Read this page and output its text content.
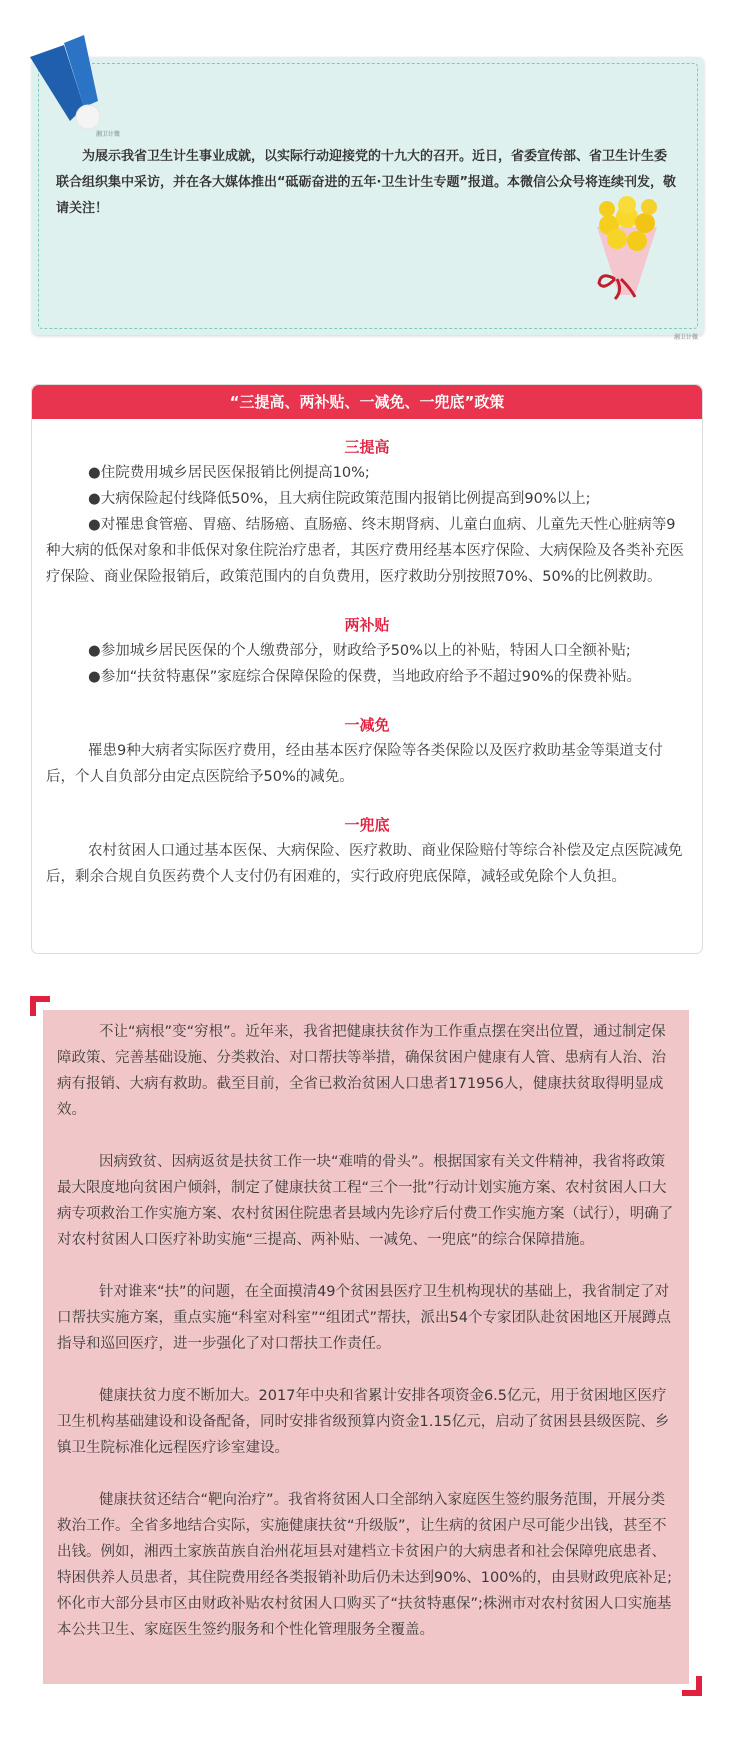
湘卫计微

为展示我省卫生计生事业成就，以实际行动迎接党的十九大的召开。近日，省委宣传部、省卫生计生委联合组织集中采访，并在各大媒体推出“砥砺奋进的五年·卫生计生专题”报道。本微信公众号将连续刊发，敬请关注！

湘卫计微
“三提高、两补贴、一减免、一兜底”政策

三提高

●住院费用城乡居民医保报销比例提高10%;

●大病保险起付线降低50%，且大病住院政策范围内报销比例提高到90%以上;

●对罹患食管癌、胃癌、结肠癌、直肠癌、终末期肾病、儿童白血病、儿童先天性心脏病等9种大病的低保对象和非低保对象住院治疗患者，其医疗费用经基本医疗保险、大病保险及各类补充医疗保险、商业保险报销后，政策范围内的自负费用，医疗救助分别按照70%、50%的比例救助。

两补贴

●参加城乡居民医保的个人缴费部分，财政给予50%以上的补贴，特困人口全额补贴;

●参加“扶贫特惠保”家庭综合保障保险的保费，当地政府给予不超过90%的保费补贴。

一减免

罹患9种大病者实际医疗费用，经由基本医疗保险等各类保险以及医疗救助基金等渠道支付后，个人自负部分由定点医院给予50%的减免。

一兜底

农村贫困人口通过基本医保、大病保险、医疗救助、商业保险赔付等综合补偿及定点医院减免后，剩余合规自负医药费个人支付仍有困难的，实行政府兜底保障，减轻或免除个人负担。

不让“病根”变“穷根”。近年来，我省把健康扶贫作为工作重点摆在突出位置，通过制定保障政策、完善基础设施、分类救治、对口帮扶等举措，确保贫困户健康有人管、患病有人治、治病有报销、大病有救助。截至目前，全省已救治贫困人口患者171956人，健康扶贫取得明显成效。

因病致贫、因病返贫是扶贫工作一块“难啃的骨头”。根据国家有关文件精神，我省将政策最大限度地向贫困户倾斜，制定了健康扶贫工程“三个一批”行动计划实施方案、农村贫困人口大病专项救治工作实施方案、农村贫困住院患者县域内先诊疗后付费工作实施方案（试行），明确了对农村贫困人口医疗补助实施“三提高、两补贴、一减免、一兜底”的综合保障措施。

针对谁来“扶”的问题，在全面摸清49个贫困县医疗卫生机构现状的基础上，我省制定了对口帮扶实施方案，重点实施“科室对科室”“组团式”帮扶，派出54个专家团队赴贫困地区开展蹲点指导和巡回医疗，进一步强化了对口帮扶工作责任。

健康扶贫力度不断加大。2017年中央和省累计安排各项资金6.5亿元，用于贫困地区医疗卫生机构基础建设和设备配备，同时安排省级预算内资金1.15亿元，启动了贫困县县级医院、乡镇卫生院标准化远程医疗诊室建设。

健康扶贫还结合“靶向治疗”。我省将贫困人口全部纳入家庭医生签约服务范围，开展分类救治工作。全省多地结合实际，实施健康扶贫“升级版”，让生病的贫困户尽可能少出钱，甚至不出钱。例如，湘西土家族苗族自治州花垣县对建档立卡贫困户的大病患者和社会保障兜底患者、特困供养人员患者，其住院费用经各类报销补助后仍未达到90%、100%的，由县财政兜底补足;怀化市大部分县市区由财政补贴农村贫困人口购买了“扶贫特惠保”;株洲市对农村贫困人口实施基本公共卫生、家庭医生签约服务和个性化管理服务全覆盖。
